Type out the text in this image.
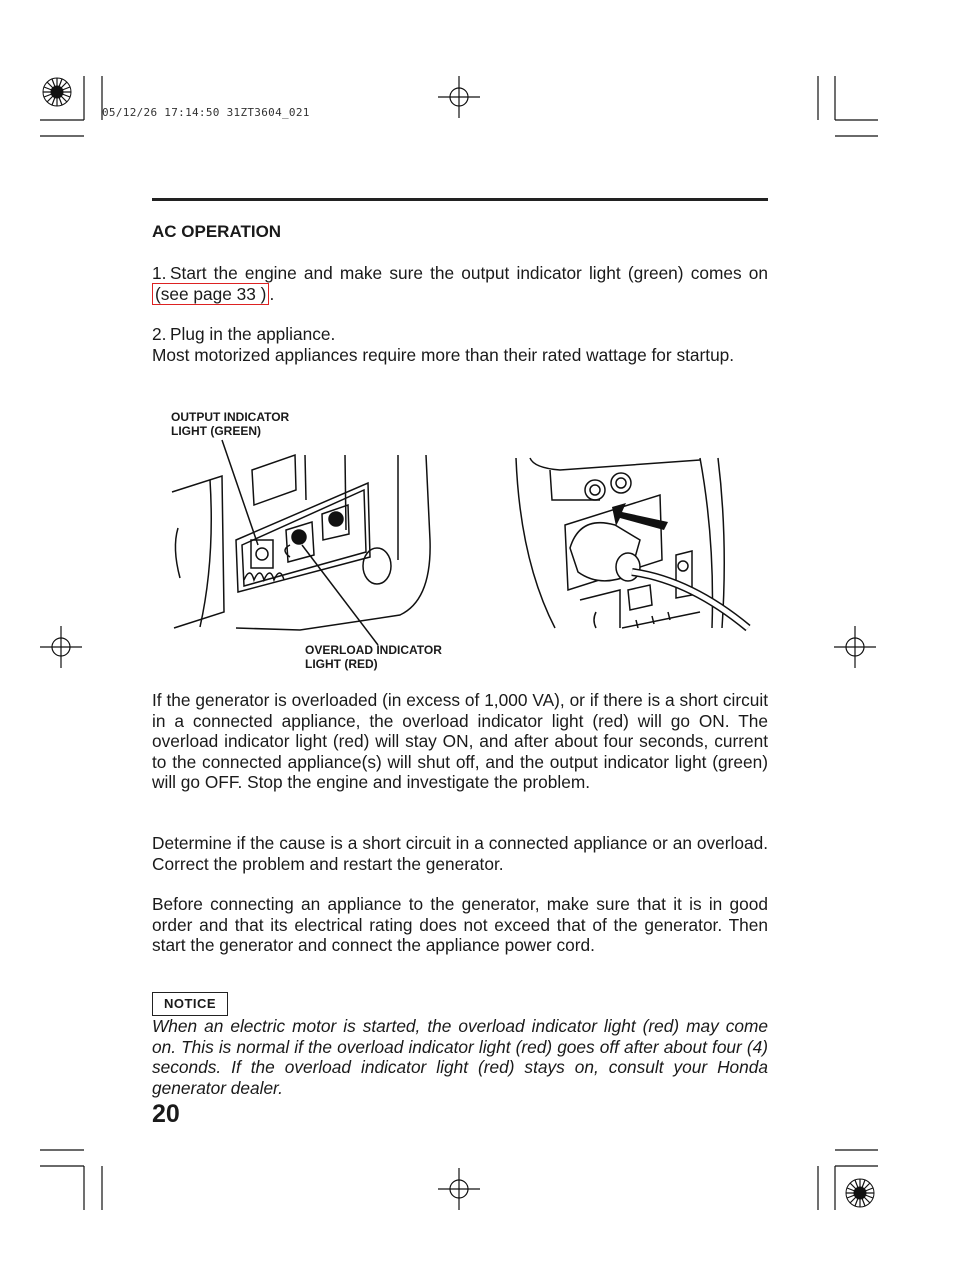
05/12/26 17:14:50 31ZT3604_021
AC OPERATION
1. Start the engine and make sure the output indicator light (green) comes on (see page 33 ) .
2. Plug in the appliance.
Most motorized appliances require more than their rated wattage for startup.
OUTPUT INDICATOR
LIGHT (GREEN)
OVERLOAD INDICATOR
LIGHT (RED)
If the generator is overloaded (in excess of 1,000 VA), or if there is a short circuit in a connected appliance, the overload indicator light (red) will go ON. The overload indicator light (red) will stay ON, and after about four seconds, current to the connected appliance(s) will shut off, and the output indicator light (green) will go OFF. Stop the engine and investigate the problem.
Determine if the cause is a short circuit in a connected appliance or an overload. Correct the problem and restart the generator.
Before connecting an appliance to the generator, make sure that it is in good order and that its electrical rating does not exceed that of the generator. Then start the generator and connect the appliance power cord.
NOTICE
When an electric motor is started, the overload indicator light (red) may come on. This is normal if the overload indicator light (red) goes off after about four (4) seconds. If the overload indicator light (red) stays on, consult your Honda generator dealer.
20
